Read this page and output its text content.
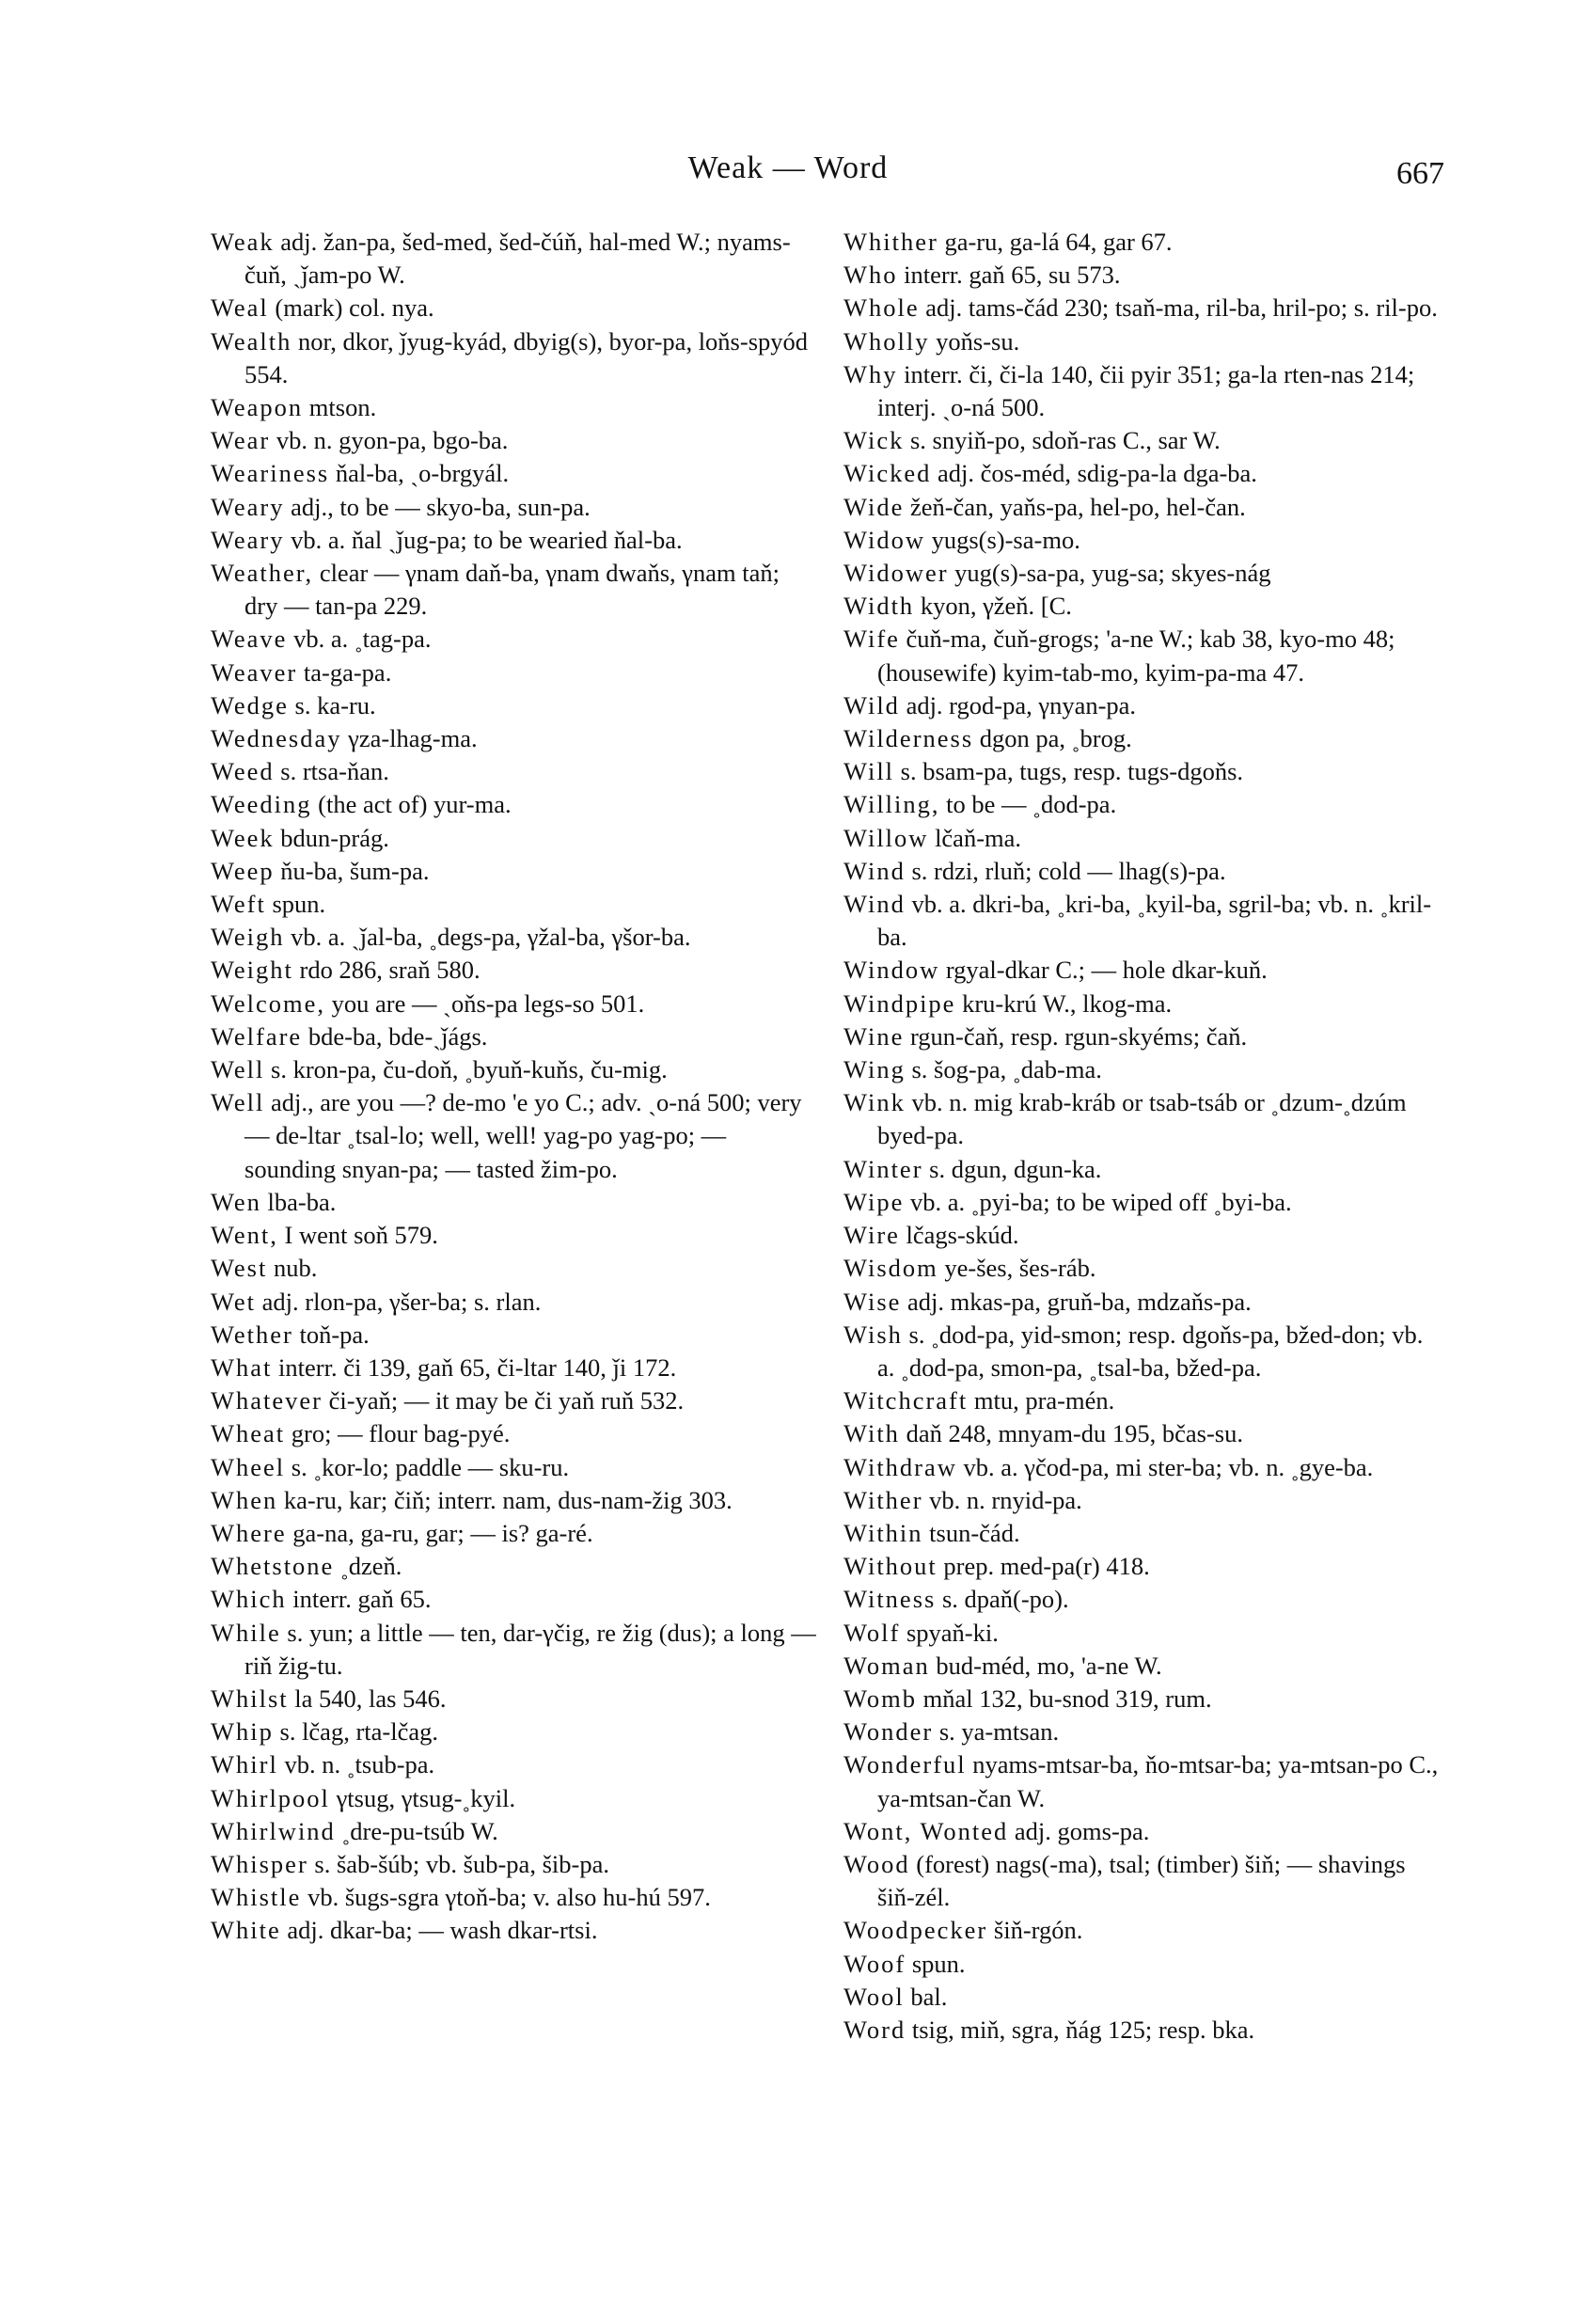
Weak — Word	667

Weak adj. žan-pa, šed-med, šed-čúň, hal-med W.; nyams-čuň, ˏǰam-po W.

Weal (mark) col. nya.

Wealth nor, dkor, ǰyug-kyád, dbyig(s), byor-pa, loňs-spyód 554.

Weapon mtson.

Wear vb. n. gyon-pa, bgo-ba.

Weariness ňal-ba, ˏo-brgyál.

Weary adj., to be — skyo-ba, sun-pa.

Weary vb. a. ňal ˏǰug-pa; to be wearied ňal-ba.

Weather, clear — γnam daň-ba, γnam dwaňs, γnam taň; dry — tan-pa 229.

Weave vb. a. ˳tag-pa.

Weaver ta-ga-pa.

Wedge s. ka-ru.

Wednesday γza-lhag-ma.

Weed s. rtsa-ňan.

Weeding (the act of) yur-ma.

Week bdun-prág.

Weep ňu-ba, šum-pa.

Weft spun.

Weigh vb. a. ˏǰal-ba, ˳degs-pa, γžal-ba, γšor-ba.

Weight rdo 286, sraň 580.

Welcome, you are — ˏoňs-pa legs-so 501.

Welfare bde-ba, bde-ˏǰágs.

Well s. kron-pa, ču-doň, ˳byuň-kuňs, ču-mig.

Well adj., are you —? de-mo 'e yo C.; adv. ˏo-ná 500; very — de-ltar ˳tsal-lo; well, well! yag-po yag-po; — sounding snyan-pa; — tasted žim-po.

Wen lba-ba.

Went, I went soň 579.

West nub.

Wet adj. rlon-pa, γšer-ba; s. rlan.

Wether toň-pa.

What interr. či 139, gaň 65, či-ltar 140, ǰi 172.

Whatever či-yaň; — it may be či yaň ruň 532.

Wheat gro; — flour bag-pyé.

Wheel s. ˳kor-lo; paddle — sku-ru.

When ka-ru, kar; čiň; interr. nam, dus-nam-žig 303.

Where ga-na, ga-ru, gar; — is? ga-ré.

Whetstone ˳dzeň.

Which interr. gaň 65.

While s. yun; a little — ten, dar-γčig, re žig (dus); a long — riň žig-tu.

Whilst la 540, las 546.

Whip s. lčag, rta-lčag.

Whirl vb. n. ˳tsub-pa.

Whirlpool γtsug, γtsug-˳kyil.

Whirlwind ˳dre-pu-tsúb W.

Whisper s. šab-šúb; vb. šub-pa, šib-pa.

Whistle vb. šugs-sgra γtoň-ba; v. also hu-hú 597.

White adj. dkar-ba; — wash dkar-rtsi.

Whither ga-ru, ga-lá 64, gar 67.

Who interr. gaň 65, su 573.

Whole adj. tams-čád 230; tsaň-ma, ril-ba, hril-po; s. ril-po.

Wholly yoňs-su.

Why interr. či, či-la 140, čii pyir 351; ga-la rten-nas 214; interj. ˏo-ná 500.

Wick s. snyiň-po, sdoň-ras C., sar W.

Wicked adj. čos-méd, sdig-pa-la dga-ba.

Wide žeň-čan, yaňs-pa, hel-po, hel-čan.

Widow yugs(s)-sa-mo.

Widower yug(s)-sa-pa, yug-sa; skyes-nág

Width kyon, γžeň. [C.

Wife čuň-ma, čuň-grogs; 'a-ne W.; kab 38, kyo-mo 48; (housewife) kyim-tab-mo, kyim-pa-ma 47.

Wild adj. rgod-pa, γnyan-pa.

Wilderness dgon pa, ˳brog.

Will s. bsam-pa, tugs, resp. tugs-dgoňs.

Willing, to be — ˳dod-pa.

Willow lčaň-ma.

Wind s. rdzi, rluň; cold — lhag(s)-pa.

Wind vb. a. dkri-ba, ˳kri-ba, ˳kyil-ba, sgril-ba; vb. n. ˳kril-ba.

Window rgyal-dkar C.; — hole dkar-kuň.

Windpipe kru-krú W., lkog-ma.

Wine rgun-čaň, resp. rgun-skyéms; čaň.

Wing s. šog-pa, ˳dab-ma.

Wink vb. n. mig krab-kráb or tsab-tsáb or ˳dzum-˳dzúm byed-pa.

Winter s. dgun, dgun-ka.

Wipe vb. a. ˳pyi-ba; to be wiped off ˳byi-ba.

Wire lčags-skúd.

Wisdom ye-šes, šes-ráb.

Wise adj. mkas-pa, gruň-ba, mdzaňs-pa.

Wish s. ˳dod-pa, yid-smon; resp. dgoňs-pa, bžed-don; vb. a. ˳dod-pa, smon-pa, ˳tsal-ba, bžed-pa.

Witchcraft mtu, pra-mén.

With daň 248, mnyam-du 195, bčas-su.

Withdraw vb. a. γčod-pa, mi ster-ba; vb. n. ˳gye-ba.

Wither vb. n. rnyid-pa.

Within tsun-čád.

Without prep. med-pa(r) 418.

Witness s. dpaň(-po).

Wolf spyaň-ki.

Woman bud-méd, mo, 'a-ne W.

Womb mňal 132, bu-snod 319, rum.

Wonder s. ya-mtsan.

Wonderful nyams-mtsar-ba, ňo-mtsar-ba; ya-mtsan-po C., ya-mtsan-čan W.

Wont, Wonted adj. goms-pa.

Wood (forest) nags(-ma), tsal; (timber) šiň; — shavings šiň-zél.

Woodpecker šiň-rgón.

Woof spun.

Wool bal.

Word tsig, miň, sgra, ňág 125; resp. bka.
